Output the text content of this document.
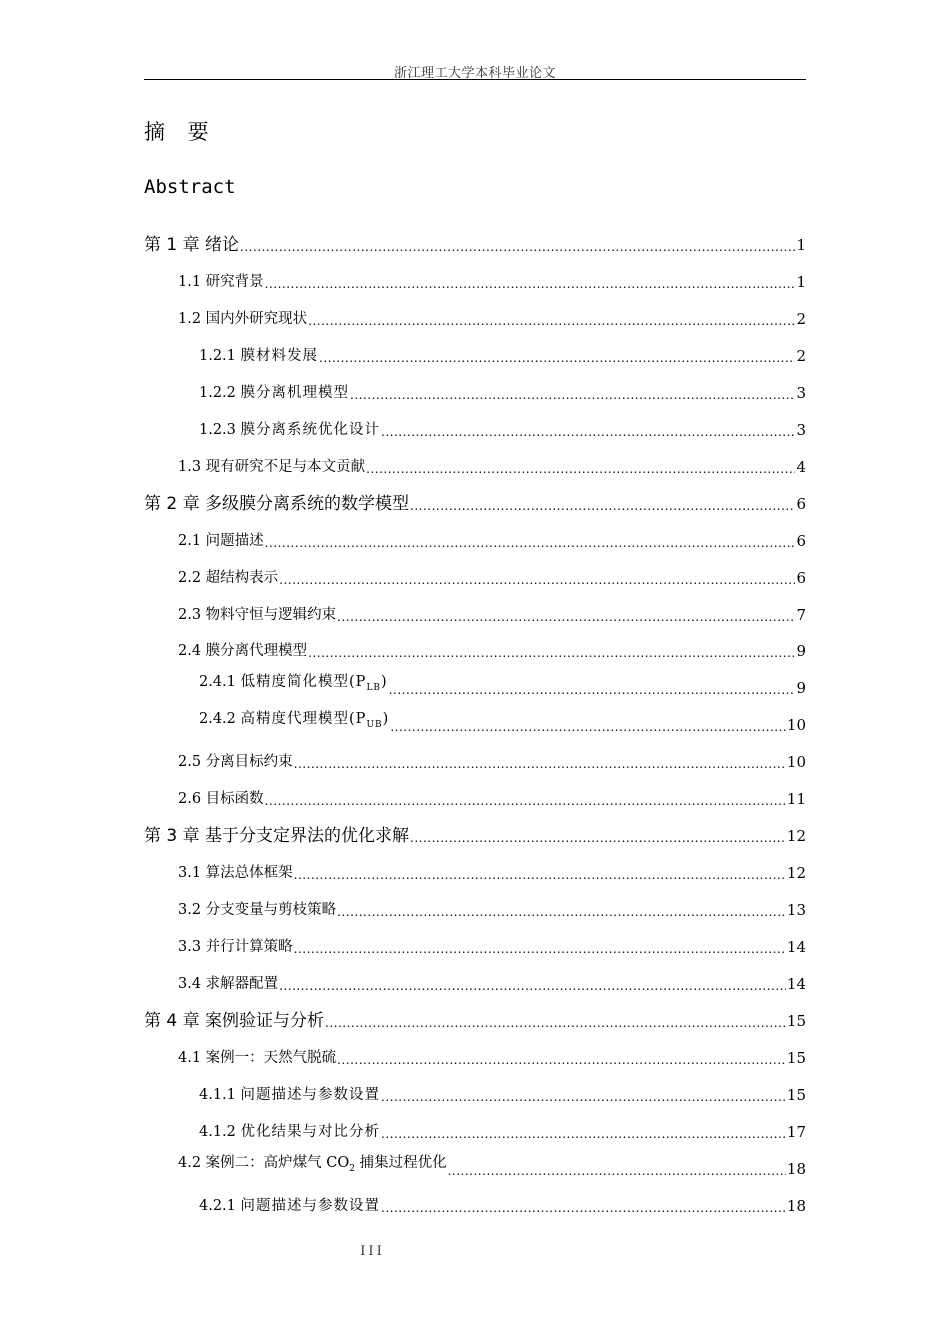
浙江理工大学本科毕业论文
摘 要
Abstract
第 1 章 绪论 .....	1
1.1 研究背景 .....	1
1.2 国内外研究现状 .....	2
1.2.1 膜材料发展 .....	2
1.2.2 膜分离机理模型 .....	3
1.2.3 膜分离系统优化设计 .....	3
1.3 现有研究不足与本文贡献 .....	4
第 2 章 多级膜分离系统的数学模型 .....	6
2.1 问题描述 .....	6
2.2 超结构表示 .....	6
2.3 物料守恒与逻辑约束 .....	7
2.4 膜分离代理模型 .....	9
2.4.1 低精度简化模型$(P_{LB})$ .....	9
2.4.2 高精度代理模型$(P_{UB})$ .....	10
2.5 分离目标约束 .....	10
2.6 目标函数 .....	11
第 3 章 基于分支定界法的优化求解 .....	12
3.1 算法总体框架 .....	12
3.2 分支变量与剪枝策略 .....	13
3.3 并行计算策略 .....	14
3.4 求解器配置 .....	14
第 4 章 案例验证与分析 .....	15
4.1 案例一：天然气脱硫 .....	15
4.1.1 问题描述与参数设置 .....	15
4.1.2 优化结果与对比分析 .....	17
4.2 案例二：高炉煤气 $CO_2$ 捕集过程优化 .....	18
4.2.1 问题描述与参数设置 .....	18
III
